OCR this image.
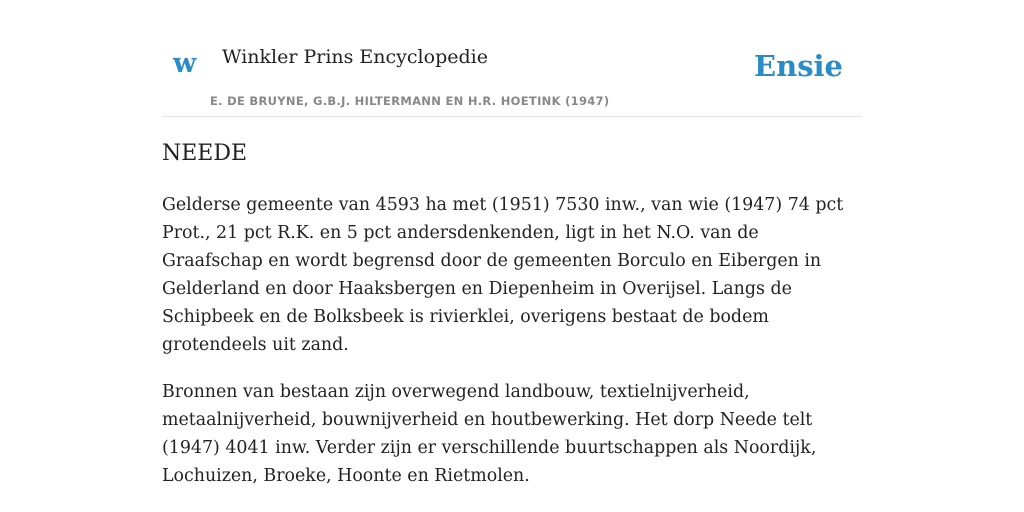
w Winkler Prins Encyclopedie
E. DE BRUYNE, G.B.J. HILTERMANN EN H.R. HOETINK (1947)
Ensie
NEEDE

Gelderse gemeente van 4593 ha met (1951) 7530 inw., van wie (1947) 74 pct Prot., 21 pct R.K. en 5 pct andersdenkenden, ligt in het N.O. van de Graafschap en wordt begrensd door de gemeenten Borculo en Eibergen in Gelderland en door Haaksbergen en Diepenheim in Overijsel. Langs de Schipbeek en de Bolksbeek is rivierklei, overigens bestaat de bodem grotendeels uit zand.

Bronnen van bestaan zijn overwegend landbouw, textielnijverheid, metaalnijverheid, bouwnijverheid en houtbewerking. Het dorp Neede telt (1947) 4041 inw. Verder zijn er verschillende buurtschappen als Noordijk, Lochuizen, Broeke, Hoonte en Rietmolen.
